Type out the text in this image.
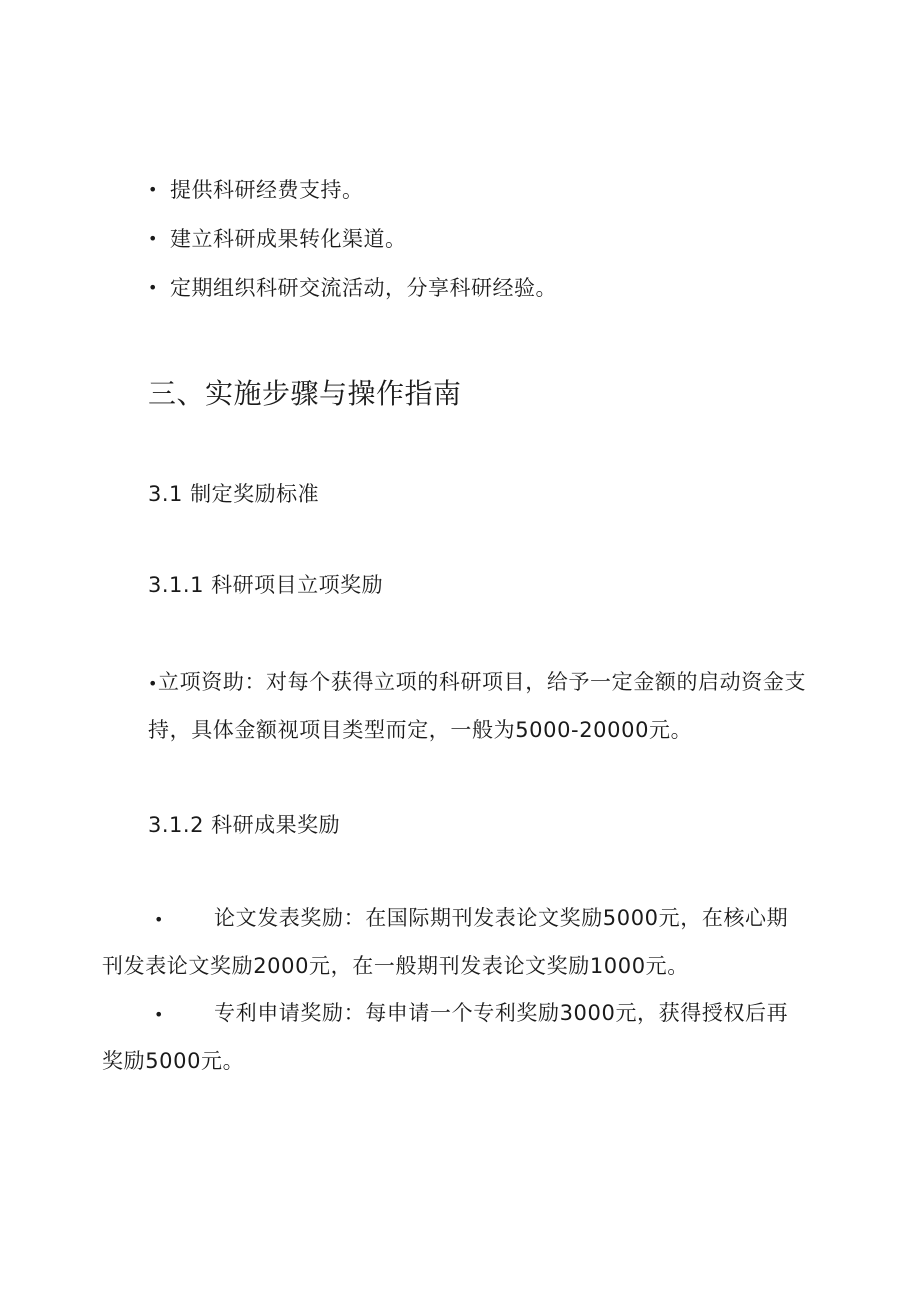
• 提供科研经费支持。
• 建立科研成果转化渠道。
• 定期组织科研交流活动，分享科研经验。
三、实施步骤与操作指南
3.1 制定奖励标准
3.1.1 科研项目立项奖励

•立项资助：对每个获得立项的科研项目，给予一定金额的启动资金支持，具体金额视项目类型而定，一般为5000-20000元。

3.1.2 科研成果奖励
• 论文发表奖励：在国际期刊发表论文奖励5000元，在核心期
刊发表论文奖励2000元，在一般期刊发表论文奖励1000元。
• 专利申请奖励：每申请一个专利奖励3000元，获得授权后再
奖励5000元。
